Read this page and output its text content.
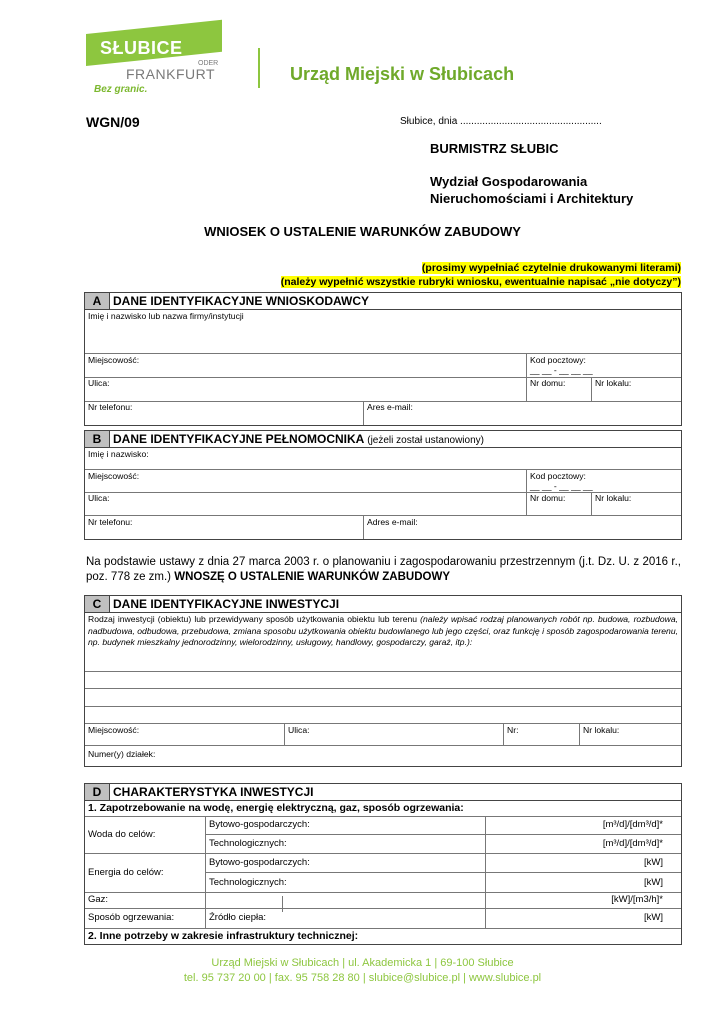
SŁUBICE
ODER
FRANKFURT
Bez granic.
Urząd Miejski w Słubicach
WGN/09	Słubice, dnia ...................................................
BURMISTRZ SŁUBIC
Wydział Gospodarowania
Nieruchomościami i Architektury
WNIOSEK O USTALENIE WARUNKÓW ZABUDOWY
(prosimy wypełniać czytelnie drukowanymi literami)
(należy wypełnić wszystkie rubryki wniosku, ewentualnie napisać „nie dotyczy”)
A DANE IDENTYFIKACYJNE WNIOSKODAWCY
Imię i nazwisko lub nazwa firmy/instytucji
Miejscowość:	Kod pocztowy:
__ __ - __ __ __
Ulica:	Nr domu:	Nr lokalu:
Nr telefonu:	Ares e-mail:
B DANE IDENTYFIKACYJNE PEŁNOMOCNIKA (jeżeli został ustanowiony)
Imię i nazwisko:
Miejscowość:	Kod pocztowy:
__ __ - __ __ __
Ulica:	Nr domu:	Nr lokalu:
Nr telefonu:	Adres e-mail:
Na podstawie ustawy z dnia 27 marca 2003 r. o planowaniu i zagospodarowaniu przestrzennym (j.t. Dz. U. z 2016 r., poz. 778 ze zm.) WNOSZĘ O USTALENIE WARUNKÓW ZABUDOWY
C DANE IDENTYFIKACYJNE INWESTYCJI
Rodzaj inwestycji (obiektu) lub przewidywany sposób użytkowania obiektu lub terenu (należy wpisać rodzaj planowanych robót np. budowa, rozbudowa, nadbudowa, odbudowa, przebudowa, zmiana sposobu użytkowania obiektu budowlanego lub jego części, oraz funkcję i sposób zagospodarowania terenu, np. budynek mieszkalny jednorodzinny, wielorodzinny, usługowy, handlowy, gospodarczy, garaż, itp.):
Miejscowość:	Ulica:	Nr:	Nr lokalu:
Numer(y) działek:
D CHARAKTERYSTYKA INWESTYCJI
1. Zapotrzebowanie na wodę, energię elektryczną, gaz, sposób ogrzewania:
Woda do celów:
Bytowo-gospodarczych:	[m³/d]/[dm³/d]*
Technologicznych:	[m³/d]/[dm³/d]*
Energia do celów:
Bytowo-gospodarczych:	[kW]
Technologicznych:	[kW]
Gaz:	[kW]/[m3/h]*
Sposób ogrzewania:	Źródło ciepła:	[kW]
2. Inne potrzeby w zakresie infrastruktury technicznej:
Urząd Miejski w Słubicach | ul. Akademicka 1 | 69-100 Słubice
tel. 95 737 20 00 | fax. 95 758 28 80 | slubice@slubice.pl | www.slubice.pl
